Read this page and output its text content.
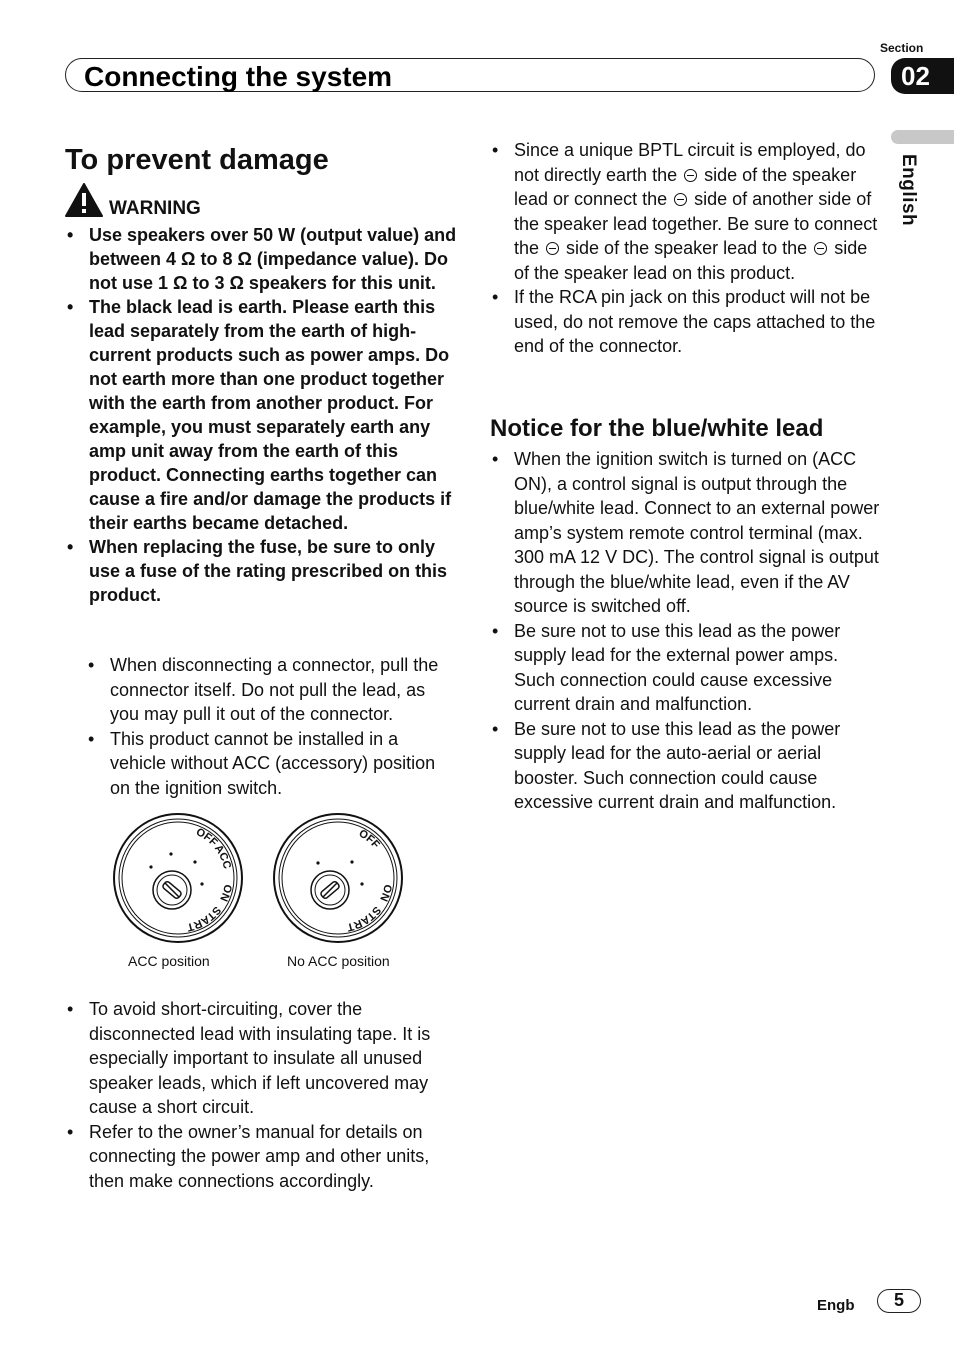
Connecting the system
Section
02
English
To prevent damage
WARNING
• Use speakers over 50 W (output value) and between 4 Ω to 8 Ω (impedance value). Do not use 1 Ω to 3 Ω speakers for this unit.
• The black lead is earth. Please earth this lead separately from the earth of high-current products such as power amps. Do not earth more than one product together with the earth from another product. For example, you must separately earth any amp unit away from the earth of this product. Connecting earths together can cause a fire and/or damage the products if their earths became detached.
• When replacing the fuse, be sure to only use a fuse of the rating prescribed on this product.
• When disconnecting a connector, pull the connector itself. Do not pull the lead, as you may pull it out of the connector.
• This product cannot be installed in a vehicle without ACC (accessory) position on the ignition switch.
OFF
ACC
ON
START
ACC position
OFF
ON
START
No ACC position
• To avoid short-circuiting, cover the disconnected lead with insulating tape. It is especially important to insulate all unused speaker leads, which if left uncovered may cause a short circuit.
• Refer to the owner’s manual for details on connecting the power amp and other units, then make connections accordingly.
• Since a unique BPTL circuit is employed, do not directly earth the  side of the speaker lead or connect the  side of another side of the speaker lead together. Be sure to connect the  side of the speaker lead to the  side of the speaker lead on this product.
• If the RCA pin jack on this product will not be used, do not remove the caps attached to the end of the connector.
Notice for the blue/white lead
• When the ignition switch is turned on (ACC ON), a control signal is output through the blue/white lead. Connect to an external power amp’s system remote control terminal (max. 300 mA 12 V DC). The control signal is output through the blue/white lead, even if the AV source is switched off.
• Be sure not to use this lead as the power supply lead for the external power amps. Such connection could cause excessive current drain and malfunction.
• Be sure not to use this lead as the power supply lead for the auto-aerial or aerial booster. Such connection could cause excessive current drain and malfunction.
Engb	5
